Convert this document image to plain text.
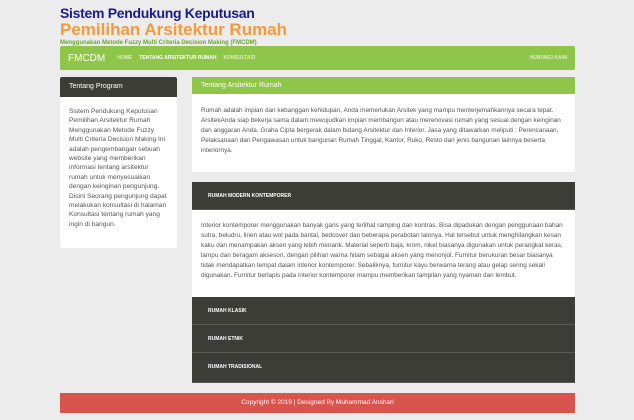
Sistem Pendukung Keputusan
Pemilihan Arsitektur Rumah
Menggunakan Metode Fuzzy Multi Criteria Decision Making (FMCDM)
FMCDM HOME TENTANG ARSITEKTUR RUMAH KONSULTASI	HUBUNGI KAMI
Tentang Program
Sistem Pendukung Keputusan Pemilihan Arsitektur Rumah Menggunakan Metode Fuzzy Multi Criteria Decision Making Ini adalah pengembangan sebuah website yang memberikan informasi tentang arsitektur rumah untuk menyesuaikan dengan keinginan pengunjung. Disini Seorang pengunjung dapat melakukan konsultasi di halaman Konsultasi tentang rumah yang ingin di bangun.
Tentang Arsitektur Rumah
Rumah adalah impian dan kebanggan kehidupan, Anda memerlukan Arsitek yang mampu menterjemahkannya secara tepat. ArsitekAnda siap bekerja sama dalam mewujudkan impian membangun atau merenovasi rumah yang sesuai dengan keinginan dan anggaran Anda. Graha Cipta bergerak dalam bidang Arsitektur dan Interior. Jasa yang ditawarkan meliputi : Perencanaan, Pelaksanaan dan Pengawasan untuk bangunan Rumah Tinggal, Kantor, Ruko, Resto dan jenis bangunan lainnya beserta interiornya.
RUMAH MODERN KONTEMPORER
Interior kontemporer menggunakan banyak garis yang terlihat ramping dan kontras. Bisa dipadukan dengan penggunaan bahan sutra, beludru, linen atau wol pada bantal, bedcover dan beberapa perabotan lainnya. Hal tersebut untuk menghilangkan kesan kaku dan menampakan aksen yang lebih menarik. Material seperti baja, krom, nikel biasanya digunakan untuk perangkat keras, lampu dan beragam aksesori, dengan pilihan warna hitam sebagai aksen yang menonjol. Furnitur berukuran besar biasanya tidak mendapatkan tempat dalam interior kontemporer. Sebaliknya, furnitur kayu berwarna terang atau gelap sering sekali digunakan. Furnitur berlapis pada interior kontemporer mampu memberikan tampilan yang nyaman dan lembut.
RUMAH KLASIK
RUMAH ETNIK
RUMAH TRADISIONAL
Copyright © 2019 | Designed By Muhammad Anshari
